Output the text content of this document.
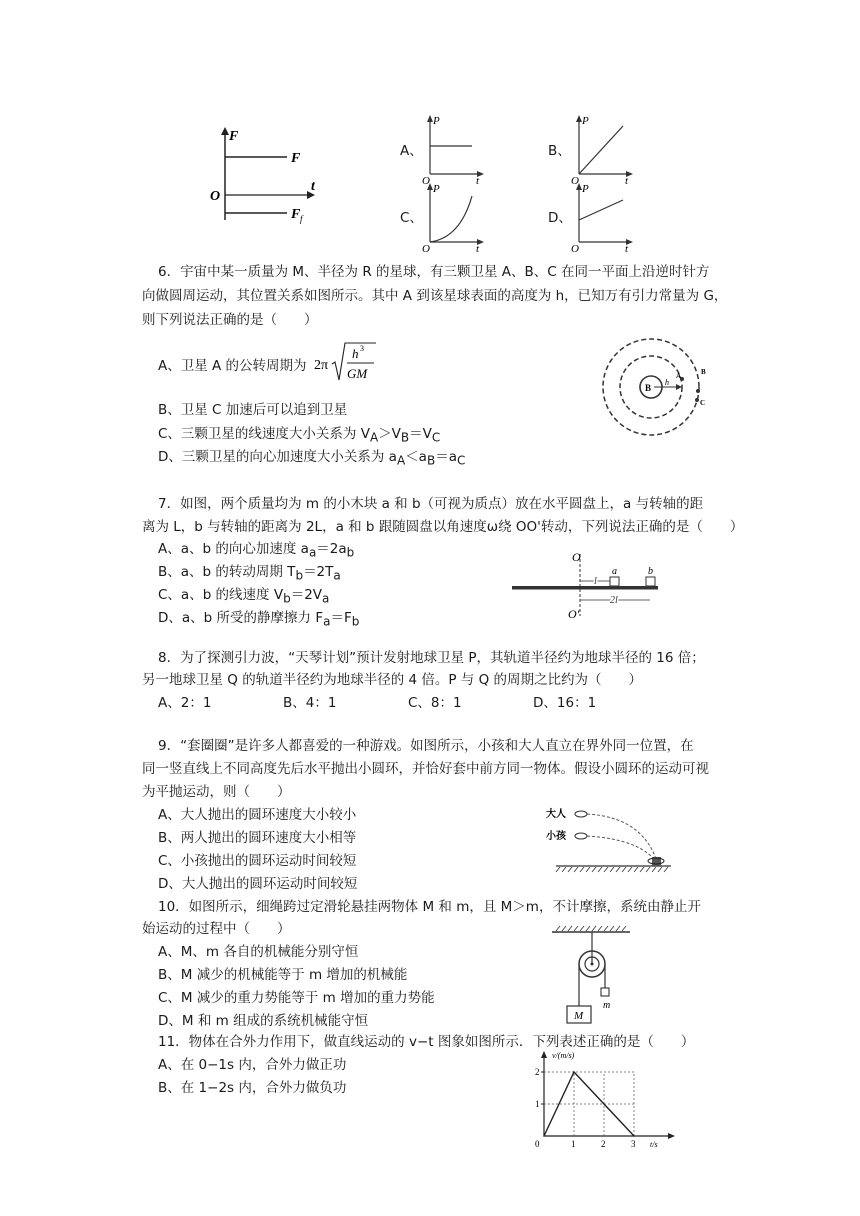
F
O
t
F
F f
A、
P
O	t
B、
P
O	t
C、
P
O	t
D、
P
O	t
6．宇宙中某一质量为 M、半径为 R 的星球，有三颗卫星 A、B、C 在同一平面上沿逆时针方
向做圆周运动，其位置关系如图所示。其中 A 到该星球表面的高度为 h，已知万有引力常量为 G，
则下列说法正确的是（　　）
A、卫星 A 的公转周期为 2π
h 3
GM
B、卫星 C 加速后可以追到卫星
C、三颗卫星的线速度大小关系为 $V_A>V_B=V_C$
D、三颗卫星的向心加速度大小关系为 $a_A<a_B=a_C$
B
h
A	B
C
7．如图，两个质量均为 m 的小木块 a 和 b（可视为质点）放在水平圆盘上，a 与转轴的距
离为 L，b 与转轴的距离为 2L，a 和 b 跟随圆盘以角速度ω绕 OO'转动，下列说法正确的是（　　）
A、a、b 的向心加速度 $a_a=2a_b$
B、a、b 的转动周期 $T_b=2T_a$
C、a、b 的线速度 $V_b=2V_a$
D、a、b 所受的静摩擦力 $F_a=F_b$
O
O'
l
2l
a	b
8．为了探测引力波，“天琴计划”预计发射地球卫星 P，其轨道半径约为地球半径的 16 倍；
另一地球卫星 Q 的轨道半径约为地球半径的 4 倍。P 与 Q 的周期之比约为（　　）
A、2：1	B、4：1	C、8：1	D、16：1
9．“套圈圈”是许多人都喜爱的一种游戏。如图所示，小孩和大人直立在界外同一位置，在
同一竖直线上不同高度先后水平抛出小圆环，并恰好套中前方同一物体。假设小圆环的运动可视
为平抛运动，则（　　）
A、大人抛出的圆环速度大小较小
B、两人抛出的圆环速度大小相等
C、小孩抛出的圆环运动时间较短
D、大人抛出的圆环运动时间较短
大人
小孩
10．如图所示，细绳跨过定滑轮悬挂两物体 M 和 m，且 M＞m，不计摩擦，系统由静止开
始运动的过程中（　　）
A、M、m 各自的机械能分别守恒
B、M 减少的机械能等于 m 增加的机械能
C、M 减少的重力势能等于 m 增加的重力势能
D、M 和 m 组成的系统机械能守恒	M
m
11．物体在合外力作用下，做直线运动的 v−t 图象如图所示．下列表述正确的是（　　）
A、在 0−1s 内，合外力做正功
B、在 1−2s 内，合外力做负功
v/(m/s)
t/s
2
1
0	1	2	3
